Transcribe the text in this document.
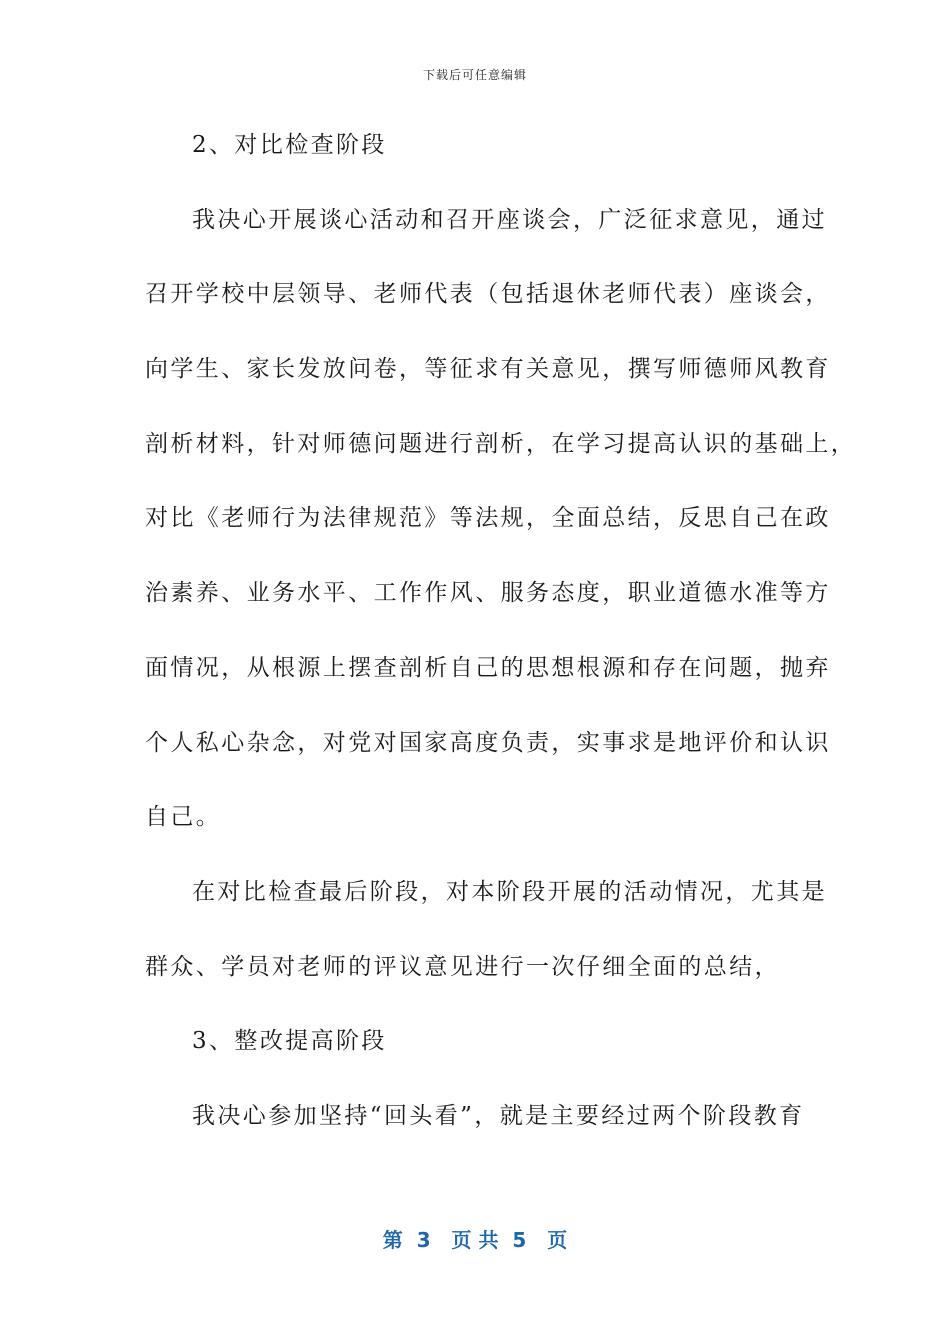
下载后可任意编辑
2、对比检查阶段
我决心开展谈心活动和召开座谈会，广泛征求意见，通过
召开学校中层领导、老师代表（包括退休老师代表）座谈会，
向学生、家长发放问卷，等征求有关意见，撰写师德师风教育
剖析材料，针对师德问题进行剖析，在学习提高认识的基础上，
对比《老师行为法律规范》等法规，全面总结，反思自己在政
治素养、业务水平、工作作风、服务态度，职业道德水准等方
面情况，从根源上摆查剖析自己的思想根源和存在问题，抛弃
个人私心杂念，对党对国家高度负责，实事求是地评价和认识
自己。
在对比检查最后阶段，对本阶段开展的活动情况，尤其是
群众、学员对老师的评议意见进行一次仔细全面的总结，
3、整改提高阶段
我决心参加坚持“回头看”，就是主要经过两个阶段教育
第  3   页 共  5   页
